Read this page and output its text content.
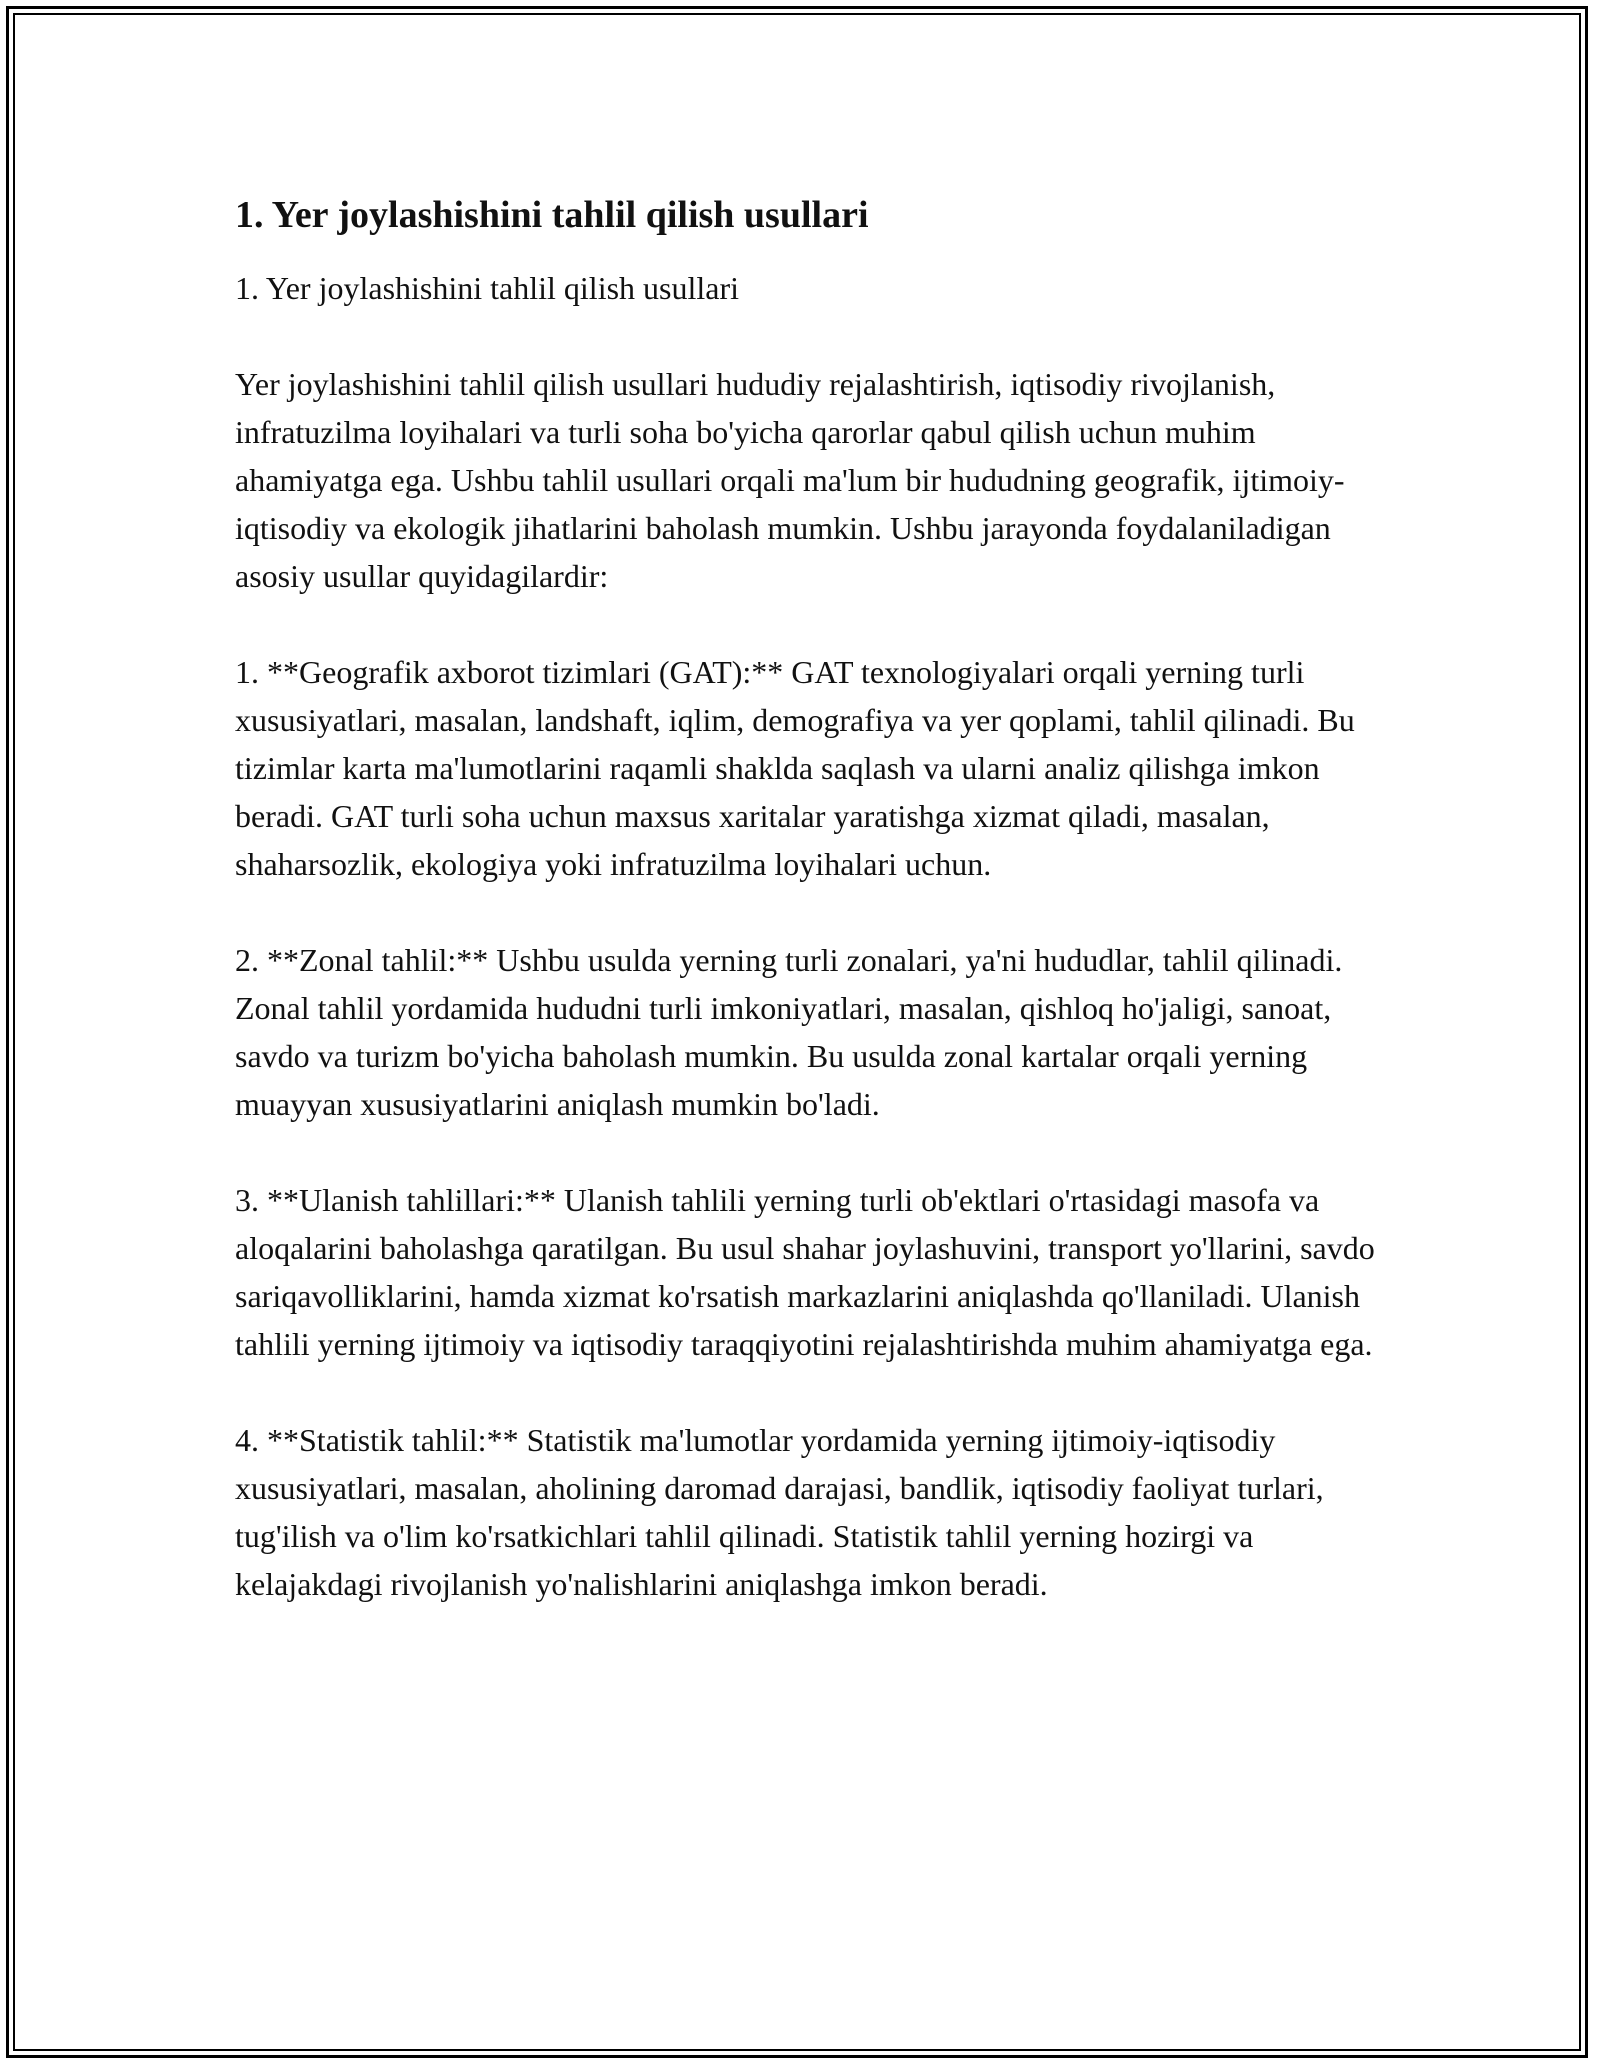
1. Yer joylashishini tahlil qilish usullari

1. Yer joylashishini tahlil qilish usullari

Yer joylashishini tahlil qilish usullari hududiy rejalashtirish, iqtisodiy rivojlanish, infratuzilma loyihalari va turli soha bo'yicha qarorlar qabul qilish uchun muhim ahamiyatga ega. Ushbu tahlil usullari orqali ma'lum bir hududning geografik, ijtimoiy-iqtisodiy va ekologik jihatlarini baholash mumkin. Ushbu jarayonda foydalaniladigan asosiy usullar quyidagilardir:

1. **Geografik axborot tizimlari (GAT):** GAT texnologiyalari orqali yerning turli xususiyatlari, masalan, landshaft, iqlim, demografiya va yer qoplami, tahlil qilinadi. Bu tizimlar karta ma'lumotlarini raqamli shaklda saqlash va ularni analiz qilishga imkon beradi. GAT turli soha uchun maxsus xaritalar yaratishga xizmat qiladi, masalan, shaharsozlik, ekologiya yoki infratuzilma loyihalari uchun.

2. **Zonal tahlil:** Ushbu usulda yerning turli zonalari, ya'ni hududlar, tahlil qilinadi. Zonal tahlil yordamida hududni turli imkoniyatlari, masalan, qishloq ho'jaligi, sanoat, savdo va turizm bo'yicha baholash mumkin. Bu usulda zonal kartalar orqali yerning muayyan xususiyatlarini aniqlash mumkin bo'ladi.

3. **Ulanish tahlillari:** Ulanish tahlili yerning turli ob'ektlari o'rtasidagi masofa va aloqalarini baholashga qaratilgan. Bu usul shahar joylashuvini, transport yo'llarini, savdo sariqavolliklarini, hamda xizmat ko'rsatish markazlarini aniqlashda qo'llaniladi. Ulanish tahlili yerning ijtimoiy va iqtisodiy taraqqiyotini rejalashtirishda muhim ahamiyatga ega.

4. **Statistik tahlil:** Statistik ma'lumotlar yordamida yerning ijtimoiy-iqtisodiy xususiyatlari, masalan, aholining daromad darajasi, bandlik, iqtisodiy faoliyat turlari, tug'ilish va o'lim ko'rsatkichlari tahlil qilinadi. Statistik tahlil yerning hozirgi va kelajakdagi rivojlanish yo'nalishlarini aniqlashga imkon beradi.
